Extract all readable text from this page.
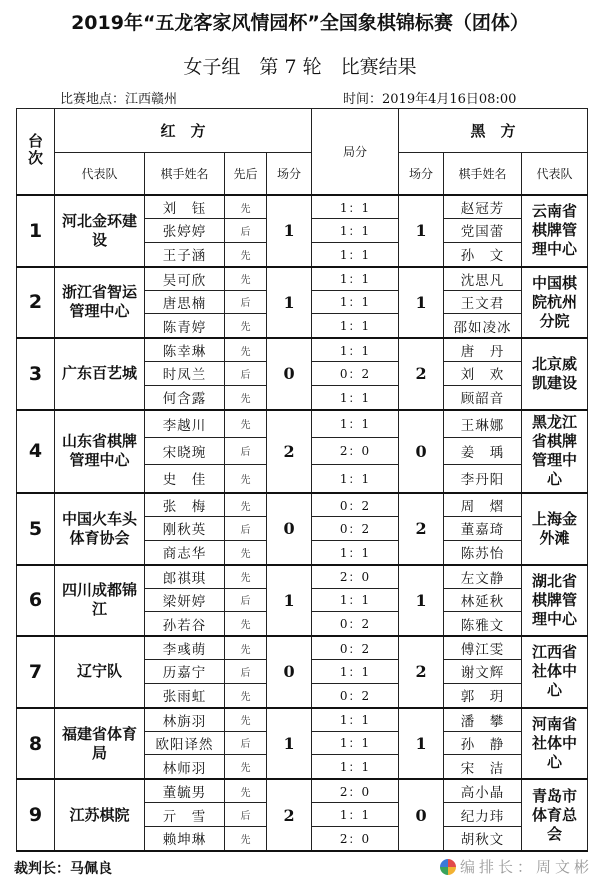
2019年“五龙客家风情园杯”全国象棋锦标赛（团体）
女子组　第 7 轮　比赛结果
比赛地点：江西赣州	时间：2019年4月16日08:00
台次	红　方				局分	黑　方		
	代表队	棋手姓名	先后	场分		场分	棋手姓名	代表队
1	河北金环建设	刘　钰	先	1	1：1	1	赵冠芳	云南省棋牌管理中心
		张婷婷	后		1：1		党国蕾	
		王子涵	先		1：1		孙　文	
2	浙江省智运管理中心	吴可欣	先	1	1：1	1	沈思凡	中国棋院杭州分院
		唐思楠	后		1：1		王文君	
		陈青婷	先		1：1		邵如凌冰	
3	广东百艺城	陈幸琳	先	0	1：1	2	唐　丹	北京威凯建设
		时凤兰	后		0：2		刘　欢	
		何含露	先		1：1		顾韶音	
4	山东省棋牌管理中心	李越川	先	2	1：1	0	王琳娜	黑龙江省棋牌管理中心
		宋晓琬	后		2：0		姜　瑀	
		史　佳	先		1：1		李丹阳	
5	中国火车头体育协会	张　梅	先	0	0：2	2	周　熠	上海金外滩
		刚秋英	后		0：2		董嘉琦	
		商志华	先		1：1		陈苏怡	
6	四川成都锦江	郎祺琪	先	1	2：0	1	左文静	湖北省棋牌管理中心
		梁妍婷	后		1：1		林延秋	
		孙若谷	先		0：2		陈雅文	
7	辽宁队	李彧萌	先	0	0：2	2	傅江雯	江西省社体中心
		历嘉宁	后		1：1		谢文辉	
		张雨虹	先		0：2		郭　玥	
8	福建省体育局	林旃羽	先	1	1：1	1	潘　攀	河南省社体中心
		欧阳译然	后		1：1		孙　静	
		林师羽	先		1：1		宋　洁	
9	江苏棋院	董毓男	先	2	2：0	0	高小晶	青岛市体育总会
		亓　雪	后		1：1		纪力玮	
		赖坤琳	先		2：0		胡秋文	
裁判长：马佩良	编排长：周文彬
